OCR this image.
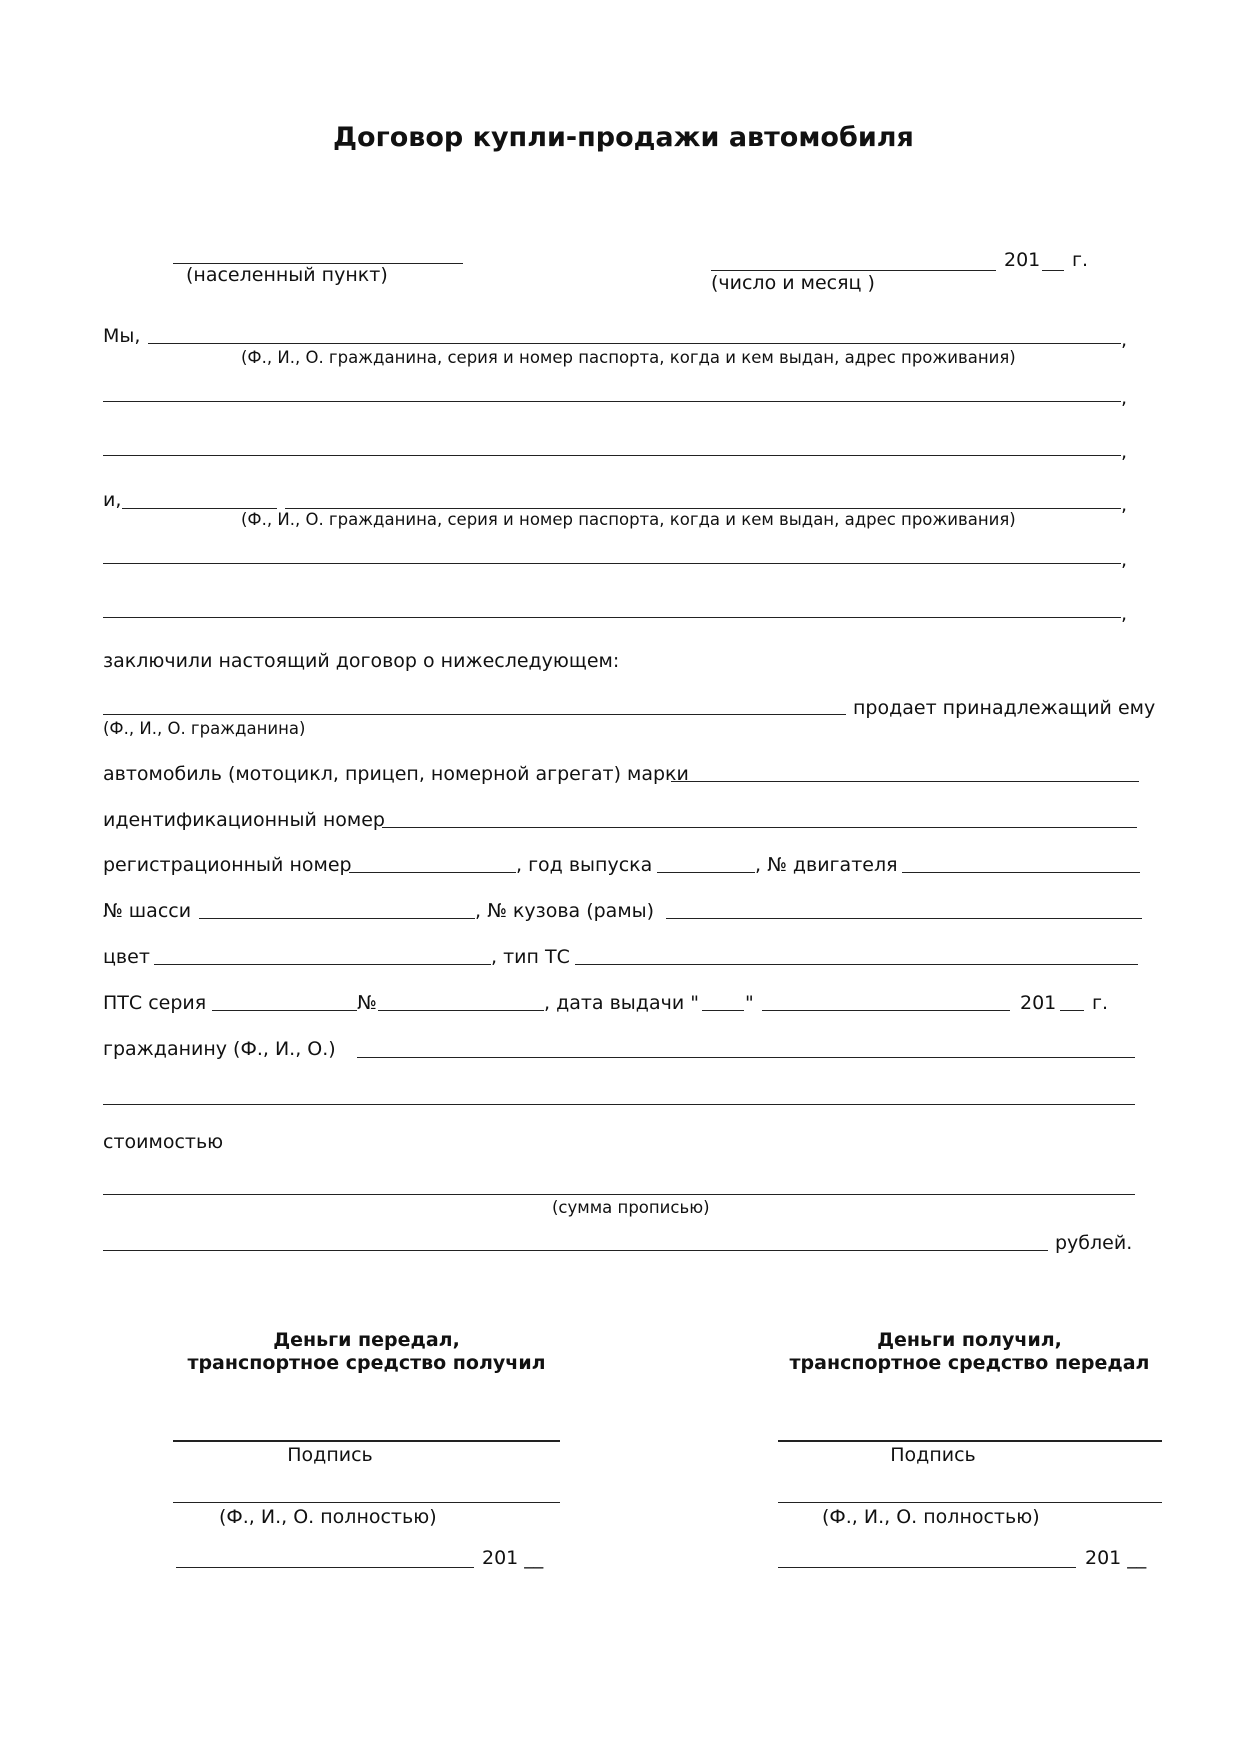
Договор купли-продажи автомобиля
(населенный пункт)
201 г.
(число и месяц )
Мы,	,
(Ф., И., О. гражданина, серия и номер паспорта, когда и кем выдан, адрес проживания)
,
,
и,	,
(Ф., И., О. гражданина, серия и номер паспорта, когда и кем выдан, адрес проживания)
,
,
заключили настоящий договор о нижеследующем:
продает принадлежащий ему
(Ф., И., О. гражданина)
автомобиль (мотоцикл, прицеп, номерной агрегат) марки
идентификационный номер
регистрационный номер	, год выпуска	, № двигателя
№ шасси	, № кузова (рамы)
цвет	, тип ТС
ПТС серия	№	, дата выдачи " "	201 г.
гражданину (Ф., И., О.)
стоимостью
(сумма прописью)
рублей.
Деньги передал,
транспортное средство получил
Подпись
(Ф., И., О. полностью)
201 __
Деньги получил,
транспортное средство передал
Подпись
(Ф., И., О. полностью)
201 __
